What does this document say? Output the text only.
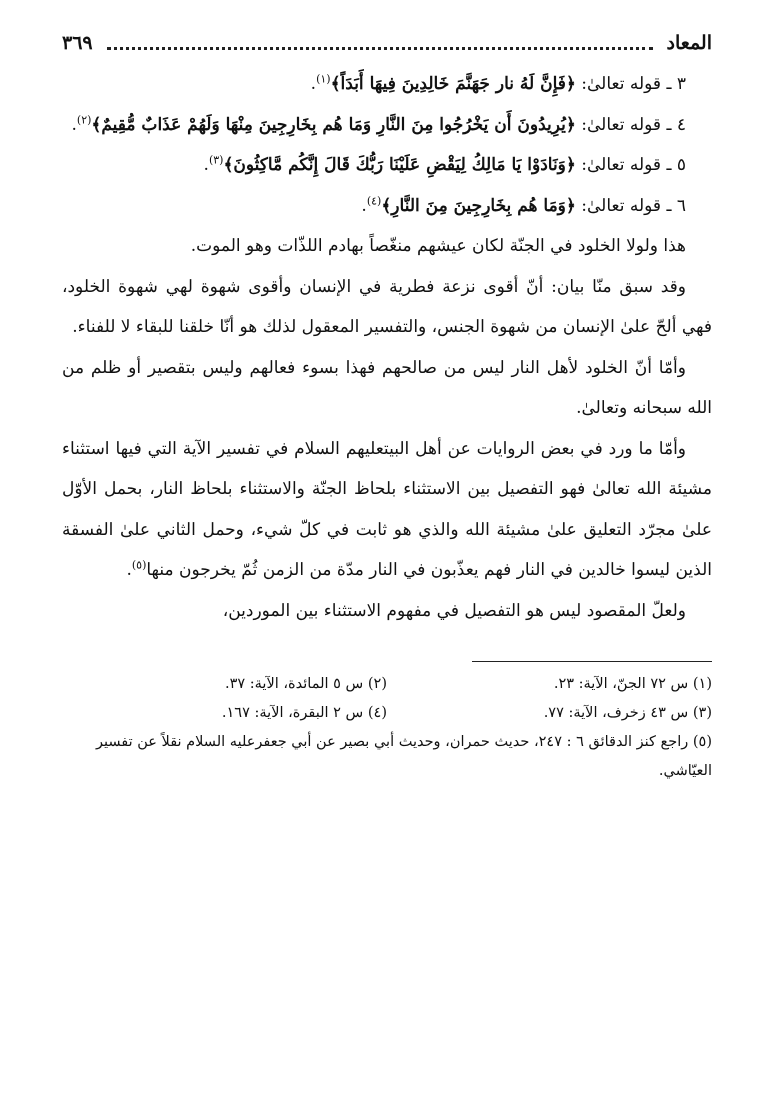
المعاد
٣٦٩

٣ ـ قوله تعالىٰ: ﴿فَإِنَّ لَهُ نار جَهَنَّمَ خَالِدِينَ فِيهَا أَبَدَاً﴾$^{(١)}$.

٤ ـ قوله تعالىٰ: ﴿يُرِيدُونَ أَن يَخْرُجُوا مِنَ النَّارِ وَمَا هُم بِخَارِجِينَ مِنْهَا وَلَهُمْ عَذَابٌ مُّقِيمٌ﴾$^{(٢)}$.

٥ ـ قوله تعالىٰ: ﴿وَنَادَوْا يَا مَالِكُ لِيَقْضِ عَلَيْنَا رَبُّكَ قَالَ إِنَّكُم مَّاكِثُونَ﴾$^{(٣)}$.

٦ ـ قوله تعالىٰ: ﴿وَمَا هُم بِخَارِجِينَ مِنَ النَّارِ﴾$^{(٤)}$.

هذا ولولا الخلود في الجنّة لكان عيشهم منغّصاً بهادم اللذّات وهو الموت.

وقد سبق منّا بيان: أنّ أقوى نزعة فطرية في الإنسان وأقوى شهوة لهي شهوة الخلود، فهي ألحّ علىٰ الإنسان من شهوة الجنس، والتفسير المعقول لذلك هو أنّا خلقنا للبقاء لا للفناء.

وأمّا أنّ الخلود لأهل النار ليس من صالحهم فهذا بسوء فعالهم وليس بتقصير أو ظلم من الله سبحانه وتعالىٰ.

وأمّا ما ورد في بعض الروايات عن أهل البيتعليهم السلام في تفسير الآية التي فيها استثناء مشيئة الله تعالىٰ فهو التفصيل بين الاستثناء بلحاظ الجنّة والاستثناء بلحاظ النار، بحمل الأوّل علىٰ مجرّد التعليق علىٰ مشيئة الله والذي هو ثابت في كلّ شيء، وحمل الثاني علىٰ الفسقة الذين ليسوا خالدين في النار فهم يعذّبون في النار مدّة من الزمن ثُمّ يخرجون منها$^{(٥)}$.

ولعلّ المقصود ليس هو التفصيل في مفهوم الاستثناء بين الموردين،

(١) س ٧٢ الجنّ، الآية: ٢٣.
(٢) س ٥ المائدة، الآية: ٣٧.
(٣) س ٤٣ زخرف، الآية: ٧٧.
(٤) س ٢ البقرة، الآية: ١٦٧.

(٥) راجع كنز الدقائق ٦ : ٢٤٧، حديث حمران، وحديث أبي بصير عن أبي جعفرعليه السلام نقلاً عن تفسير العيّاشي.
